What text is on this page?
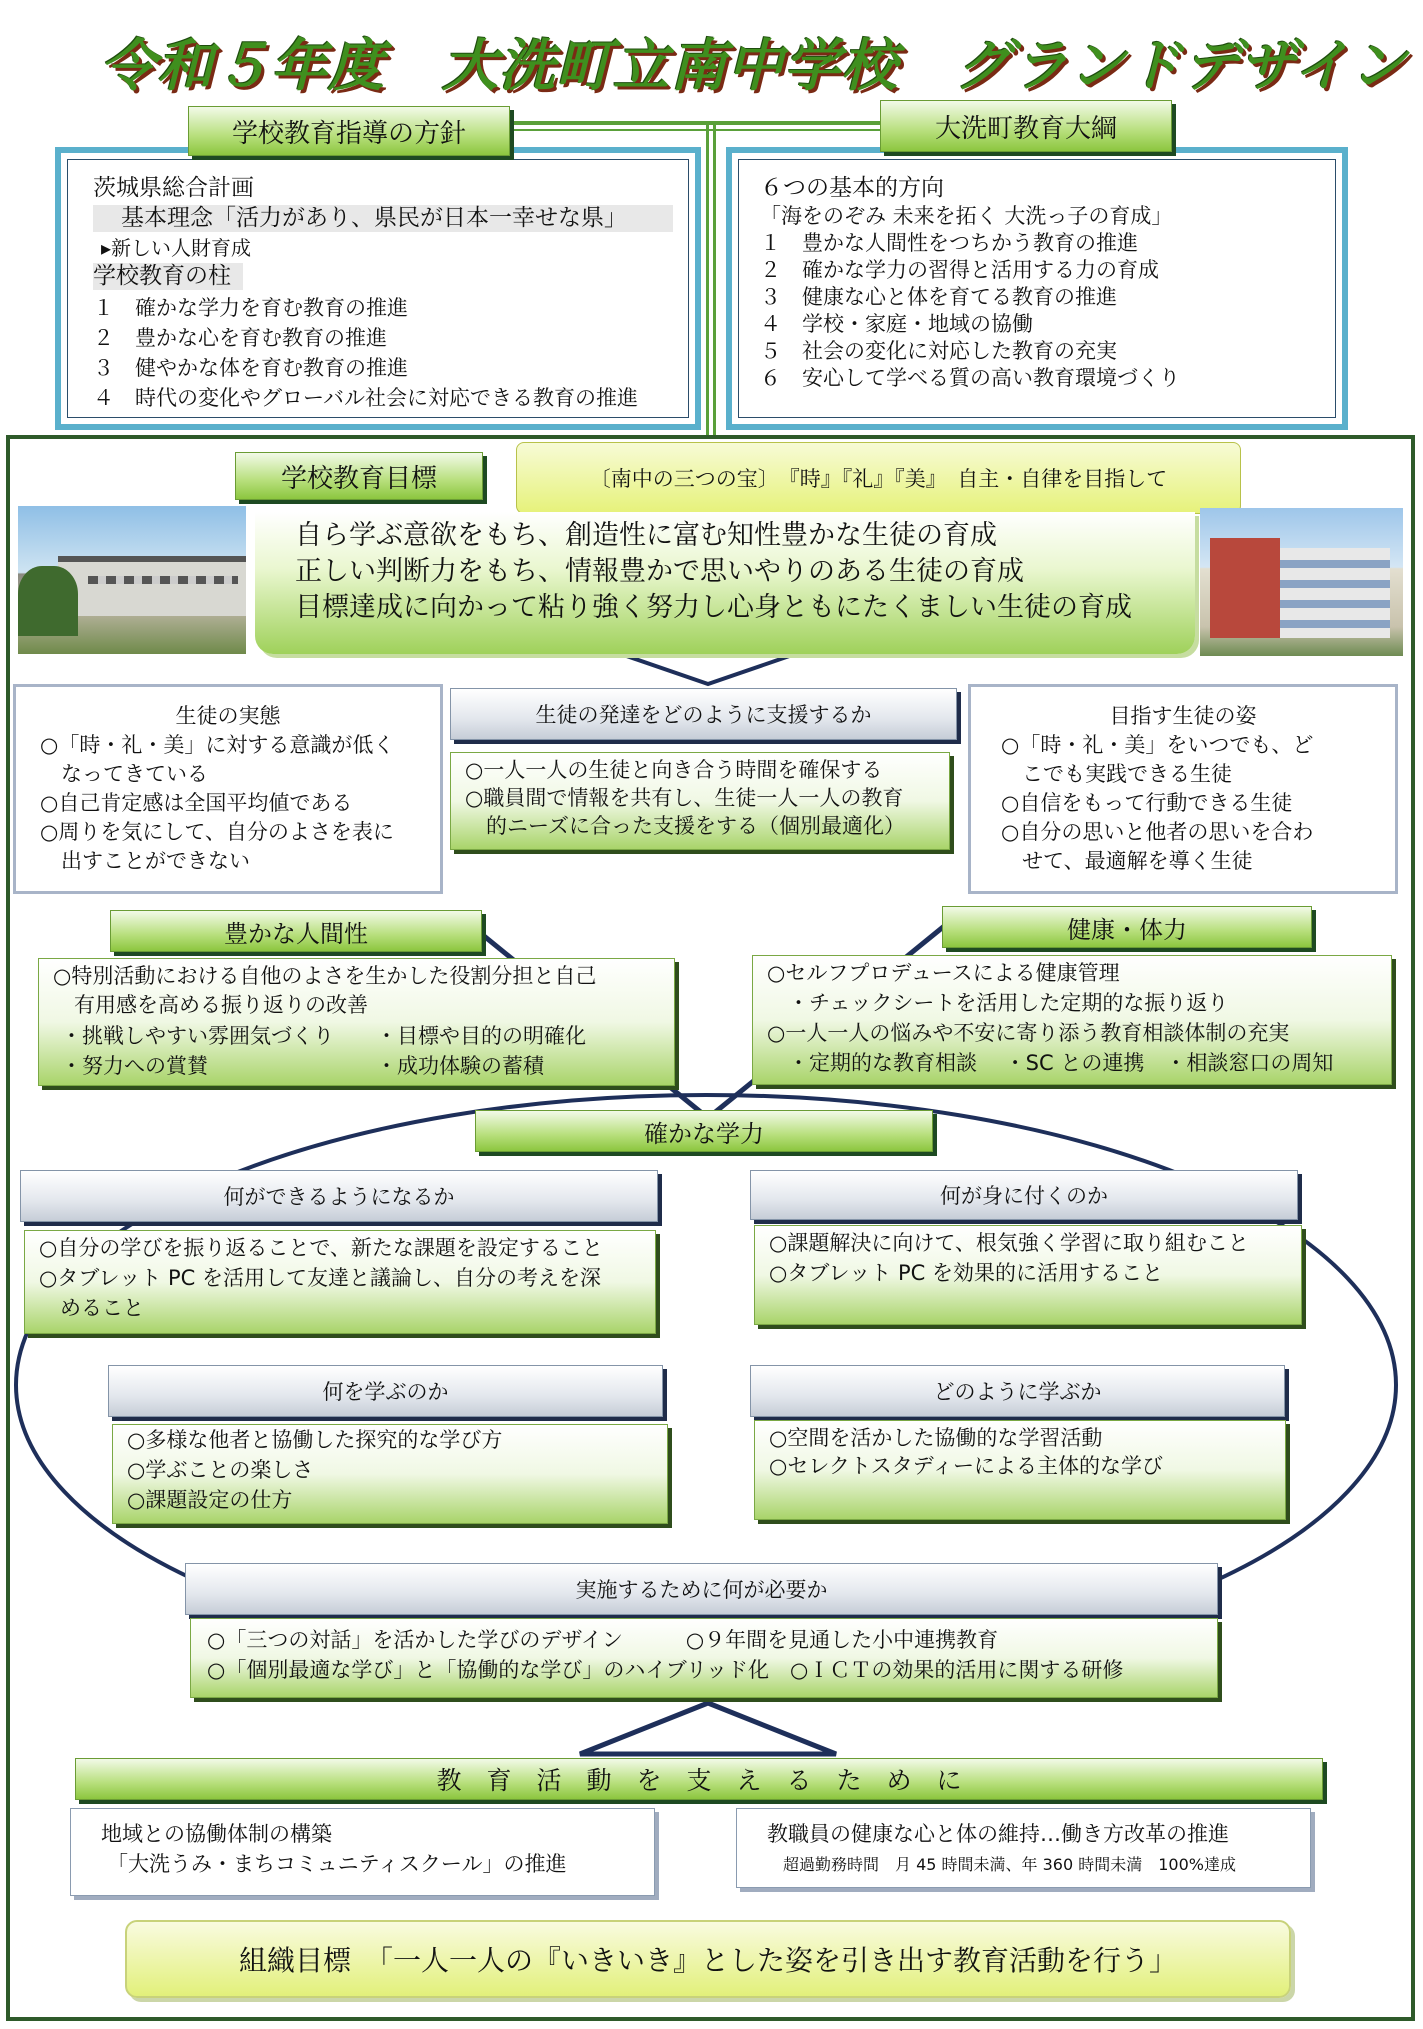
令和５年度　大洗町立南中学校　グランドデザイン
茨城県総合計画
基本理念「活力があり、県民が日本一幸せな県」
▸新しい人財育成
学校教育の柱
１　確かな学力を育む教育の推進
２　豊かな心を育む教育の推進
３　健やかな体を育む教育の推進
４　時代の変化やグローバル社会に対応できる教育の推進
学校教育指導の方針
６つの基本的方向
「海をのぞみ 未来を拓く 大洗っ子の育成」
１　豊かな人間性をつちかう教育の推進
２　確かな学力の習得と活用する力の育成
３　健康な心と体を育てる教育の推進
４　学校・家庭・地域の協働
５　社会の変化に対応した教育の充実
６　安心して学べる質の高い教育環境づくり
大洗町教育大綱
学校教育目標	〔南中の三つの宝〕　『時』『礼』『美』　自主・自律を目指して
自ら学ぶ意欲をもち、創造性に富む知性豊かな生徒の育成
正しい判断力をもち、情報豊かで思いやりのある生徒の育成
目標達成に向かって粘り強く努力し心身ともにたくましい生徒の育成
生徒の実態
○「時・礼・美」に対する意識が低く
　なってきている
○自己肯定感は全国平均値である
○周りを気にして、自分のよさを表に
　出すことができない
生徒の発達をどのように支援するか
○一人一人の生徒と向き合う時間を確保する
○職員間で情報を共有し、生徒一人一人の教育
　的ニーズに合った支援をする（個別最適化）
目指す生徒の姿
○「時・礼・美」をいつでも、ど
　こでも実践できる生徒
○自信をもって行動できる生徒
○自分の思いと他者の思いを合わ
　せて、最適解を導く生徒
豊かな人間性
○特別活動における自他のよさを生かした役割分担と自己
　有用感を高める振り返りの改善
・挑戦しやすい雰囲気づくり　　・目標や目的の明確化
・努力への賞賛　　　　　　　　・成功体験の蓄積
健康・体力
○セルフプロデュースによる健康管理
　・チェックシートを活用した定期的な振り返り
○一人一人の悩みや不安に寄り添う教育相談体制の充実
　・定期的な教育相談　 ・SC との連携　・相談窓口の周知
確かな学力
何ができるようになるか
○自分の学びを振り返ることで、新たな課題を設定すること
○タブレット PC を活用して友達と議論し、自分の考えを深
　めること
何が身に付くのか
○課題解決に向けて、根気強く学習に取り組むこと
○タブレット PC を効果的に活用すること
何を学ぶのか
○多様な他者と協働した探究的な学び方
○学ぶことの楽しさ
○課題設定の仕方
どのように学ぶか
○空間を活かした協働的な学習活動
○セレクトスタディーによる主体的な学び
実施するために何が必要か
○「三つの対話」を活かした学びのデザイン　　　○９年間を見通した小中連携教育
○「個別最適な学び」と「協働的な学び」のハイブリッド化　○ＩＣＴの効果的活用に関する研修
教　育　活　動　を　支　え　る　た　め　に
地域との協働体制の構築
「大洗うみ・まちコミュニティスクール」の推進
教職員の健康な心と体の維持…働き方改革の推進
超過勤務時間　月 45 時間未満、年 360 時間未満　100%達成
組織目標　「一人一人の『いきいき』とした姿を引き出す教育活動を行う」
